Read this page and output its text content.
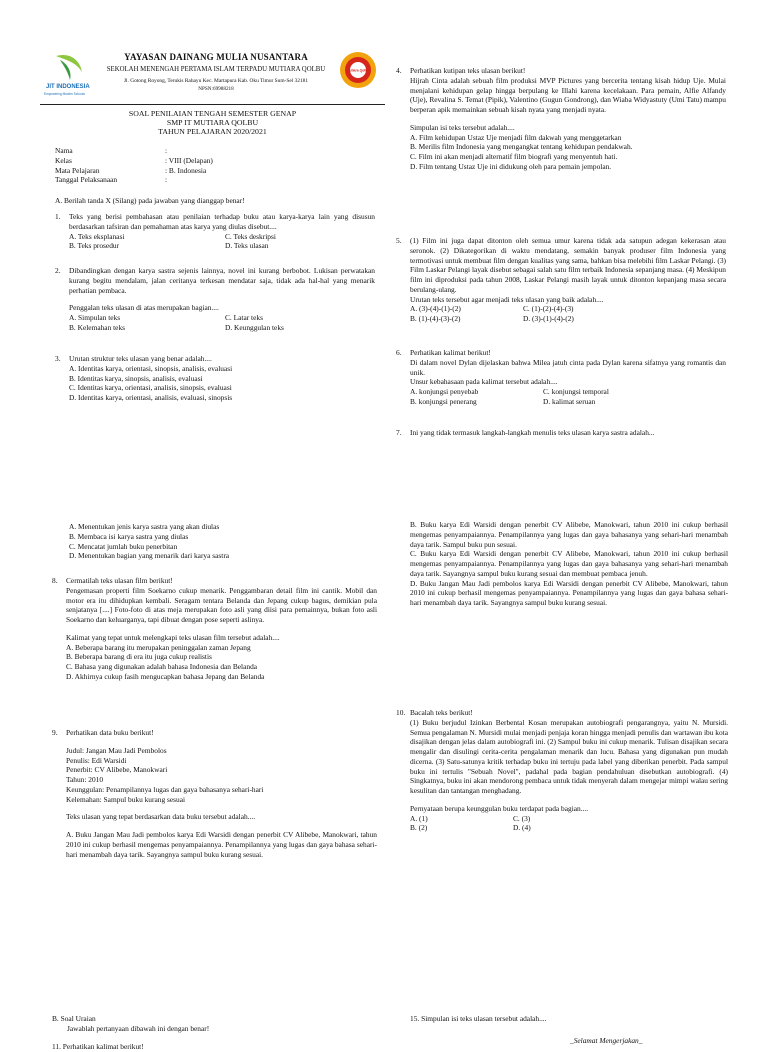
JIT INDONESIA
Empowering Muslim Schools
YAYASAN DAINANG MULIA NUSANTARA
SEKOLAH MENENGAH PERTAMA ISLAM TERPADU MUTIARA QOLBU
Jl. Gotong Royong, Terukis Rahayu Kec. Martapura Kab. Oku Timur Sum-Sel 32181
NPSN:69988218
Mutiara Qolbu
SOAL PENILAIAN TENGAH SEMESTER GENAP
SMP IT MUTIARA QOLBU
TAHUN PELAJARAN 2020/2021
Nama	:
Kelas	: VIII (Delapan)
Mata Pelajaran	: B. Indonesia
Tanggal Pelaksanaan	:
A. Berilah tanda X (Silang) pada jawaban yang dianggap benar!
1. Teks yang berisi pembahasan atau penilaian terhadap buku atau karya-karya lain yang disusun berdasarkan tafsiran dan pemahaman atas karya yang diulas disebut....
A. Teks eksplanasi	C. Teks deskripsi
B. Teks prosedur	D. Teks ulasan
2. Dibandingkan dengan karya sastra sejenis lainnya, novel ini kurang berbobot. Lukisan perwatakan kurang begitu mendalam, jalan ceritanya terkesan mendatar saja, tidak ada hal-hal yang menarik perhatian pembaca.
Penggalan teks ulasan di atas merupakan bagian....
A. Simpulan teks	C. Latar teks
B. Kelemahan teks	D. Keunggulan teks
3. Urutan struktur teks ulasan yang benar adalah....
A. Identitas karya, orientasi, sinopsis, analisis, evaluasi
B. Identitas karya, sinopsis, analisis, evaluasi
C. Identitas karya, orientasi, analisis, sinopsis, evaluasi
D. Identitas karya, orientasi, analisis, evaluasi, sinopsis
4. Perhatikan kutipan teks ulasan berikut!
Hijrah Cinta adalah sebuah film produksi MVP Pictures yang bercerita tentang kisah hidup Uje. Mulai menjalani kehidupan gelap hingga berpulang ke Illahi karena kecelakaan. Para pemain, Alfie Alfandy (Uje), Revalina S. Temat (Pipik), Valentino (Gugun Gondrong), dan Wiaba Widyastuty (Umi Tatu) mampu berperan apik memainkan sebuah kisah nyata yang menjadi nyata.
Simpulan isi teks tersebut adalah....
A. Film kehidupan Ustaz Uje menjadi film dakwah yang menggetarkan
B. Merilis film Indonesia yang mengangkat tentang kehidupan pendakwah.
C. Film ini akan menjadi alternatif film biografi yang menyentuh hati.
D. Film tentang Ustaz Uje ini didukung oleh para pemain jempolan.
5. (1) Film ini juga dapat ditonton oleh semua umur karena tidak ada satupun adegan kekerasan atau seronok. (2) Dikategorikan di waktu mendatang, semakin banyak produser film Indonesia yang termotivasi untuk membuat film dengan kualitas yang sama, bahkan bisa melebihi film Laskar Pelangi. (3) Film Laskar Pelangi layak disebut sebagai salah satu film terbaik Indonesia sepanjang masa. (4) Meskipun film ini diproduksi pada tahun 2008, Laskar Pelangi masih layak untuk ditonton kepanjang masa secara berulang-ulang.
Urutan teks tersebut agar menjadi teks ulasan yang baik adalah....
A. (3)-(4)-(1)-(2)	C. (1)-(2)-(4)-(3)
B. (1)-(4)-(3)-(2)	D. (3)-(1)-(4)-(2)
6. Perhatikan kalimat berikut!
Di dalam novel Dylan dijelaskan bahwa Milea jatuh cinta pada Dylan karena sifatnya yang romantis dan unik.
Unsur kebahasaan pada kalimat tersebut adalah....
A. konjungsi penyebab	C. konjungsi temporal
B. konjungsi penerang	D. kalimat seruan
7. Ini yang tidak termasuk langkah-langkah menulis teks ulasan karya sastra adalah...
A. Menentukan jenis karya sastra yang akan diulas
B. Membaca isi karya sastra yang diulas
C. Mencatat jumlah buku penerbitan
D. Menentukan bagian yang menarik dari karya sastra
8. Cermatilah teks ulasan film berikut!
Pengemasan properti film Soekarno cukup menarik. Penggambaran detail film ini cantik. Mobil dan motor era itu dihidupkan kembali. Seragam tentara Belanda dan Jepang cukup bagus, demikian pula senjatanya [....] Foto-foto di atas meja merupakan foto asli yang diisi para pemainnya, bukan foto asli Soekarno dan keluarganya, tapi dibuat dengan pose seperti aslinya.
Kalimat yang tepat untuk melengkapi teks ulasan film tersebut adalah....
A. Beberapa barang itu merupakan peninggalan zaman Jepang
B. Beberapa barang di era itu juga cukup realistis
C. Bahasa yang digunakan adalah bahasa Indonesia dan Belanda
D. Akhirnya cukup fasih mengucapkan bahasa Jepang dan Belanda
9. Perhatikan data buku berikut!
Judul: Jangan Mau Jadi Pembolos
Penulis: Edi Warsidi
Penerbit: CV Alibebe, Manokwari
Tahun: 2010
Keunggulan: Penampilannya lugas dan gaya bahasanya sehari-hari
Kelemahan: Sampul buku kurang sesuai
Teks ulasan yang tepat berdasarkan data buku tersebut adalah....
A. Buku Jangan Mau Jadi pembolos karya Edi Warsidi dengan penerbit CV Alibebe, Manokwari, tahun 2010 ini cukup berhasil mengemas penyampaiannya. Penampilannya yang lugas dan gaya bahasa sehari-hari menambah daya tarik. Sayangnya sampul buku kurang sesuai.
B. Buku karya Edi Warsidi dengan penerbit CV Alibebe, Manokwari, tahun 2010 ini cukup berhasil mengemas penyampaiannya. Penampilannya yang lugas dan gaya bahasanya yang sehari-hari menambah daya tarik. Sampul buku pun sesuai.
C. Buku karya Edi Warsidi dengan penerbit CV Alibebe, Manokwari, tahun 2010 ini cukup berhasil mengemas penyampaiannya. Penampilannya yang lugas dan gaya bahasanya yang sehari-hari menambah daya tarik. Sayangnya sampul buku kurang sesuai dan membuat pembaca jenuh.
D. Buku Jangan Mau Jadi pembolos karya Edi Warsidi dengan penerbit CV Alibebe, Manokwari, tahun 2010 ini cukup berhasil mengemas penyampaiannya. Penampilannya yang lugas dan gaya bahasa sehari-hari menambah daya tarik. Sayangnya sampul buku kurang sesuai.
10. Bacalah teks berikut!
(1) Buku berjudul Izinkan Berbental Kosan merupakan autobiografi pengarangnya, yaitu N. Mursidi. Semua pengalaman N. Mursidi mulai menjadi penjaja koran hingga menjadi penulis dan wartawan ibu kota disajikan dengan jelas dalam autobiografi ini. (2) Sampul buku ini cukup menarik. Tulisan disajikan secara mengalir dan disulingi cerita-cerita pengalaman menarik dan lucu. Bahasa yang digunakan pun mudah dicerna. (3) Satu-satunya kritik terhadap buku ini tertuju pada label yang diberikan penerbit. Pada sampul buku ini tertulis "Sebuah Novel", padahal pada bagian pendahuluan disebutkan autobiografi. (4) Singkatnya, buku ini akan mendorong pembaca untuk tidak menyerah dalam mengejar mimpi walau sering kesulitan dan tantangan menghadang.
Pernyataan berupa keunggulan buku terdapat pada bagian....
A. (1)	C. (3)
B. (2)	D. (4)
B. Soal Uraian
Jawablah pertanyaan dibawah ini dengan benar!
11. Perhatikan kalimat berikut!
15. Simpulan isi teks ulasan tersebut adalah....
_Selamat Mengerjakan_
